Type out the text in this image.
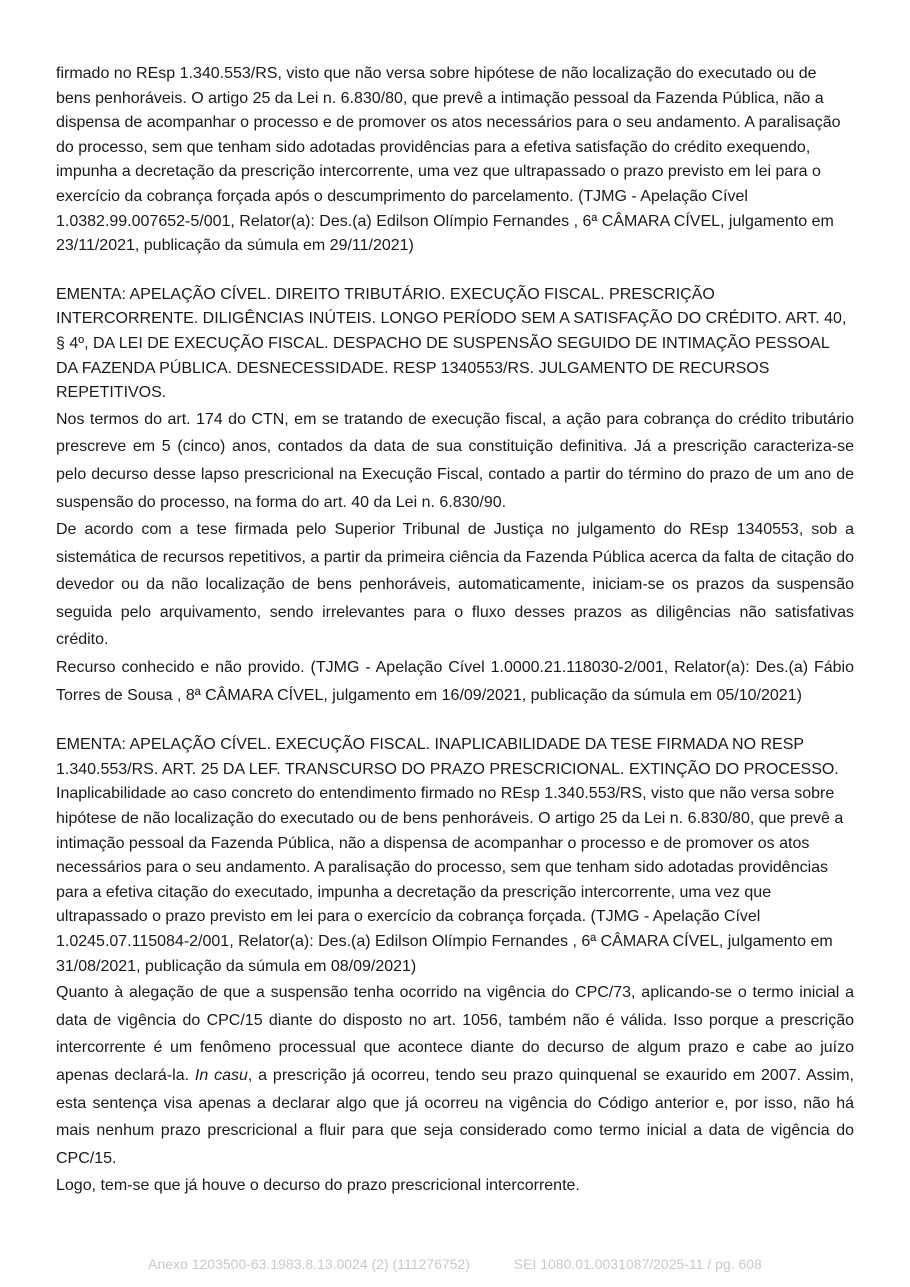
firmado no REsp 1.340.553/RS, visto que não versa sobre hipótese de não localização do executado ou de bens penhoráveis. O artigo 25 da Lei n. 6.830/80, que prevê a intimação pessoal da Fazenda Pública, não a dispensa de acompanhar o processo e de promover os atos necessários para o seu andamento. A paralisação do processo, sem que tenham sido adotadas providências para a efetiva satisfação do crédito exequendo, impunha a decretação da prescrição intercorrente, uma vez que ultrapassado o prazo previsto em lei para o exercício da cobrança forçada após o descumprimento do parcelamento. (TJMG - Apelação Cível 1.0382.99.007652-5/001, Relator(a): Des.(a) Edilson Olímpio Fernandes , 6ª CÂMARA CÍVEL, julgamento em 23/11/2021, publicação da súmula em 29/11/2021)

EMENTA: APELAÇÃO CÍVEL. DIREITO TRIBUTÁRIO. EXECUÇÃO FISCAL. PRESCRIÇÃO INTERCORRENTE. DILIGÊNCIAS INÚTEIS. LONGO PERÍODO SEM A SATISFAÇÃO DO CRÉDITO. ART. 40, § 4º, DA LEI DE EXECUÇÃO FISCAL. DESPACHO DE SUSPENSÃO SEGUIDO DE INTIMAÇÃO PESSOAL DA FAZENDA PÚBLICA. DESNECESSIDADE. RESP 1340553/RS. JULGAMENTO DE RECURSOS REPETITIVOS.

Nos termos do art. 174 do CTN, em se tratando de execução fiscal, a ação para cobrança do crédito tributário prescreve em 5 (cinco) anos, contados da data de sua constituição definitiva. Já a prescrição caracteriza-se pelo decurso desse lapso prescricional na Execução Fiscal, contado a partir do término do prazo de um ano de suspensão do processo, na forma do art. 40 da Lei n. 6.830/90.

De acordo com a tese firmada pelo Superior Tribunal de Justiça no julgamento do REsp 1340553, sob a sistemática de recursos repetitivos, a partir da primeira ciência da Fazenda Pública acerca da falta de citação do devedor ou da não localização de bens penhoráveis, automaticamente, iniciam-se os prazos da suspensão seguida pelo arquivamento, sendo irrelevantes para o fluxo desses prazos as diligências não satisfativas crédito.

Recurso conhecido e não provido. (TJMG - Apelação Cível 1.0000.21.118030-2/001, Relator(a): Des.(a) Fábio Torres de Sousa , 8ª CÂMARA CÍVEL, julgamento em 16/09/2021, publicação da súmula em 05/10/2021)

EMENTA: APELAÇÃO CÍVEL. EXECUÇÃO FISCAL. INAPLICABILIDADE DA TESE FIRMADA NO RESP 1.340.553/RS. ART. 25 DA LEF. TRANSCURSO DO PRAZO PRESCRICIONAL. EXTINÇÃO DO PROCESSO. Inaplicabilidade ao caso concreto do entendimento firmado no REsp 1.340.553/RS, visto que não versa sobre hipótese de não localização do executado ou de bens penhoráveis. O artigo 25 da Lei n. 6.830/80, que prevê a intimação pessoal da Fazenda Pública, não a dispensa de acompanhar o processo e de promover os atos necessários para o seu andamento. A paralisação do processo, sem que tenham sido adotadas providências para a efetiva citação do executado, impunha a decretação da prescrição intercorrente, uma vez que ultrapassado o prazo previsto em lei para o exercício da cobrança forçada. (TJMG - Apelação Cível 1.0245.07.115084-2/001, Relator(a): Des.(a) Edilson Olímpio Fernandes , 6ª CÂMARA CÍVEL, julgamento em 31/08/2021, publicação da súmula em 08/09/2021)

Quanto à alegação de que a suspensão tenha ocorrido na vigência do CPC/73, aplicando-se o termo inicial a data de vigência do CPC/15 diante do disposto no art. 1056, também não é válida. Isso porque a prescrição intercorrente é um fenômeno processual que acontece diante do decurso de algum prazo e cabe ao juízo apenas declará-la. In casu, a prescrição já ocorreu, tendo seu prazo quinquenal se exaurido em 2007. Assim, esta sentença visa apenas a declarar algo que já ocorreu na vigência do Código anterior e, por isso, não há mais nenhum prazo prescricional a fluir para que seja considerado como termo inicial a data de vigência do CPC/15.

Logo, tem-se que já houve o decurso do prazo prescricional intercorrente.

Anexo 1203500-63.1983.8.13.0024 (2) (111276752)	SEI 1080.01.0031087/2025-11 / pg. 608
